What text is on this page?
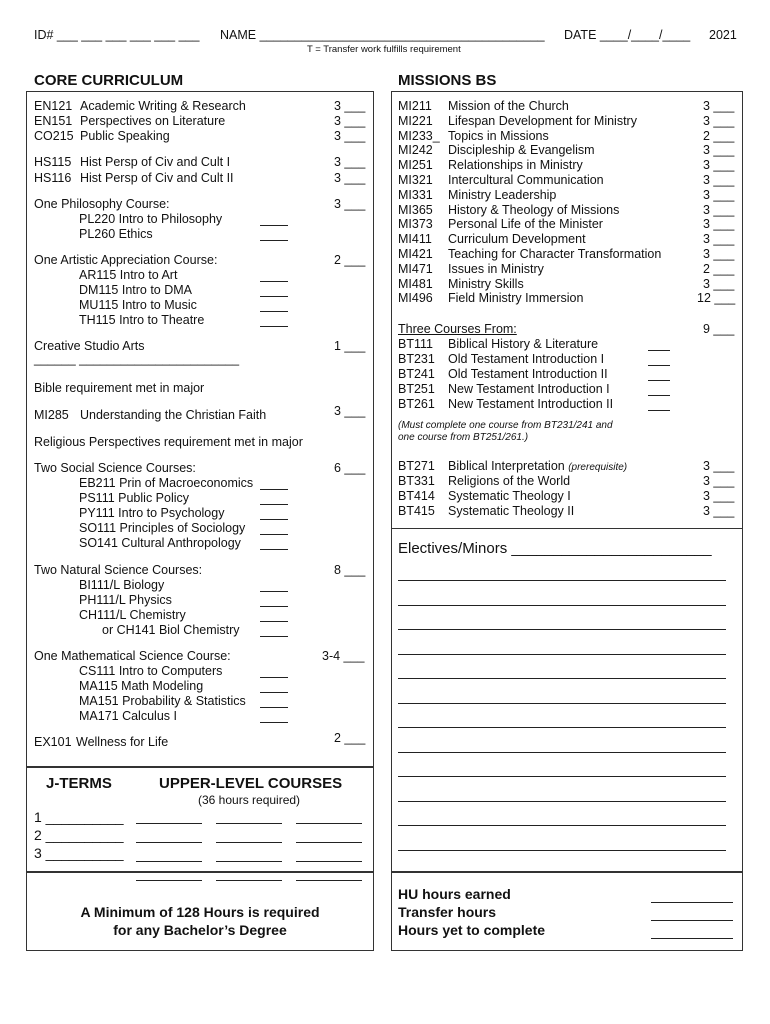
ID# ___ ___ ___ ___ ___ ___ NAME _________________________________________ DATE ____/____/____ 2021
T = Transfer work fulfills requirement
CORE CURRICULUM	MISSIONS BS
EN121 Academic Writing & Research	3 ___
EN151 Perspectives on Literature	3 ___
CO215 Public Speaking	3 ___
HS115 Hist Persp of Civ and Cult I	3 ___
HS116 Hist Persp of Civ and Cult II	3 ___
One Philosophy Course:	3 ___
PL220 Intro to Philosophy
PL260 Ethics
One Artistic Appreciation Course:	2 ___
AR115 Intro to Art
DM115 Intro to DMA
MU115 Intro to Music
TH115 Intro to Theatre
Creative Studio Arts	1 ___
______ _______________________
Bible requirement met in major
MI285 Understanding the Christian Faith	3 ___
Religious Perspectives requirement met in major
Two Social Science Courses:	6 ___
EB211 Prin of Macroeconomics
PS111 Public Policy
PY111 Intro to Psychology
SO111 Principles of Sociology
SO141 Cultural Anthropology
Two Natural Science Courses:	8 ___
BI111/L Biology
PH111/L Physics
CH111/L Chemistry
or CH141 Biol Chemistry
One Mathematical Science Course:	3-4 ___
CS111 Intro to Computers
MA115 Math Modeling
MA151 Probability & Statistics
MA171 Calculus I
EX101 Wellness for Life	2 ___
MI211 Mission of the Church	3 ___
MI221 Lifespan Development for Ministry	3 ___
MI233_ Topics in Missions	2 ___
MI242 Discipleship & Evangelism	3 ___
MI251 Relationships in Ministry	3 ___
MI321 Intercultural Communication	3 ___
MI331 Ministry Leadership	3 ___
MI365 History & Theology of Missions	3 ___
MI373 Personal Life of the Minister	3 ___
MI411 Curriculum Development	3 ___
MI421 Teaching for Character Transformation	3 ___
MI471 Issues in Ministry	2 ___
MI481 Ministry Skills	3 ___
MI496 Field Ministry Immersion	12 ___
Three Courses From:	9 ___
BT111 Biblical History & Literature
BT231 Old Testament Introduction I
BT241 Old Testament Introduction II
BT251 New Testament Introduction I
BT261 New Testament Introduction II
(Must complete one course from BT231/241 and
one course from BT251/261.)
BT271 Biblical Interpretation (prerequisite)	3 ___
BT331 Religions of the World	3 ___
BT414 Systematic Theology I	3 ___
BT415 Systematic Theology II	3 ___
Electives/Minors ________________________
J-TERMS	UPPER-LEVEL COURSES
(36 hours required)
1 __________
2 __________
3 __________
A Minimum of 128 Hours is required
for any Bachelor’s Degree
HU hours earned
Transfer hours
Hours yet to complete
